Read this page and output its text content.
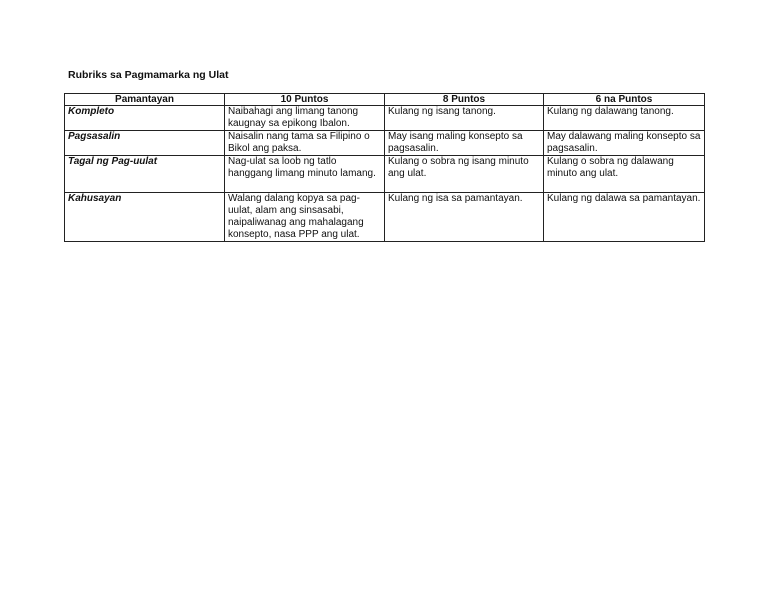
Rubriks sa Pagmamarka ng Ulat
Pamantayan	10 Puntos	8 Puntos	6 na Puntos
Kompleto	Naibahagi ang limang tanong kaugnay sa epikong Ibalon.	Kulang ng isang tanong.	Kulang ng dalawang tanong.
Pagsasalin	Naisalin nang tama sa Filipino o Bikol ang paksa.	May isang maling konsepto sa pagsasalin.	May dalawang maling konsepto sa pagsasalin.
Tagal ng Pag-uulat	Nag-ulat sa loob ng tatlo hanggang limang minuto lamang.	Kulang o sobra ng isang minuto ang ulat.	Kulang o sobra ng dalawang minuto ang ulat.
Kahusayan	Walang dalang kopya sa pag-uulat, alam ang sinsasabi, naipaliwanag ang mahalagang konsepto, nasa PPP ang ulat.	Kulang ng isa sa pamantayan.	Kulang ng dalawa sa pamantayan.
